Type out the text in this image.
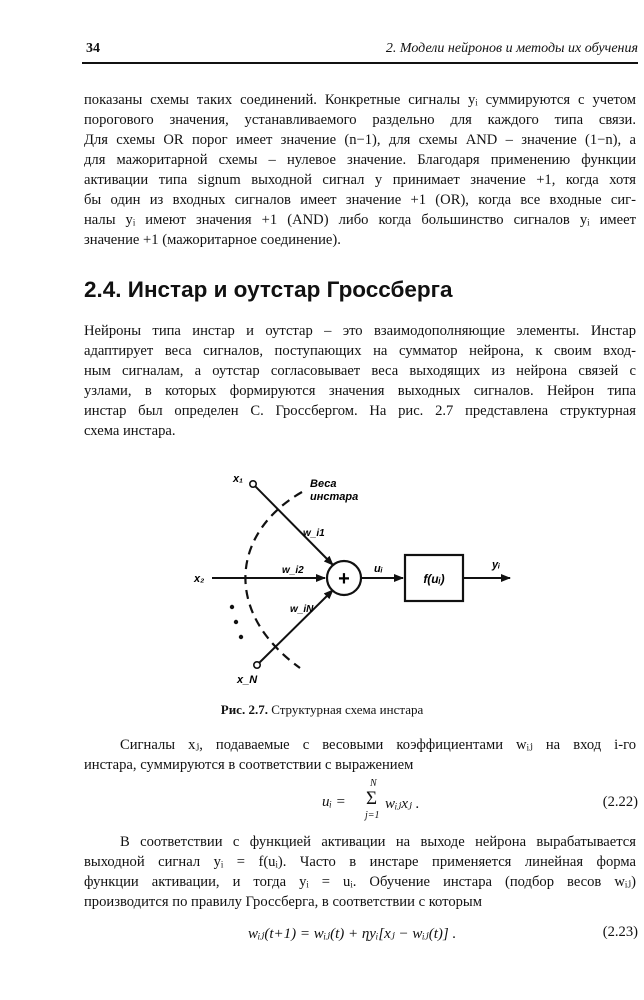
34	2. Модели нейронов и методы их обучения
показаны схемы таких соединений. Конкретные сигналы yᵢ суммируются с учетом
порогового значения, устанавливаемого раздельно для каждого типа связи.
Для схемы OR порог имеет значение (n−1), для схемы AND – значение (1−n), а
для мажоритарной схемы – нулевое значение. Благодаря применению функции
активации типа signum выходной сигнал y принимает значение +1, когда хотя
бы один из входных сигналов имеет значение +1 (OR), когда все входные сиг-
налы yᵢ имеют значения +1 (AND) либо когда большинство сигналов yᵢ имеет
значение +1 (мажоритарное соединение).
2.4. Инстар и оутстар Гроссберга
Нейроны типа инстар и оутстар – это взаимодополняющие элементы. Инстар
адаптирует веса сигналов, поступающих на сумматор нейрона, к своим вход-
ным сигналам, а оутстар согласовывает веса выходящих из нейрона связей с
узлами, в которых формируются значения выходных сигналов. Нейрон типа
инстар был определен С. Гроссбергом. На рис. 2.7 представлена структурная
схема инстара.
+	f(uᵢ)
Веса
инстара
x₁
x₂
x_N
w_i1
w_i2
w_iN
uᵢ	yᵢ
Рис. 2.7. Структурная схема инстара
Сигналы xⱼ, подаваемые с весовыми коэффициентами wᵢⱼ на вход i-го
инстара, суммируются в соответствии с выражением
uᵢ =
N
Σ
j=1
wᵢⱼxⱼ .	(2.22)
В соответствии с функцией активации на выходе нейрона вырабатывается
выходной сигнал yᵢ = f(uᵢ). Часто в инстаре применяется линейная форма
функции активации, и тогда yᵢ = uᵢ. Обучение инстара (подбор весов wᵢⱼ)
производится по правилу Гроссберга, в соответствии с которым
wᵢⱼ(t+1) = wᵢⱼ(t) + ηyᵢ[xⱼ − wᵢⱼ(t)] .	(2.23)
